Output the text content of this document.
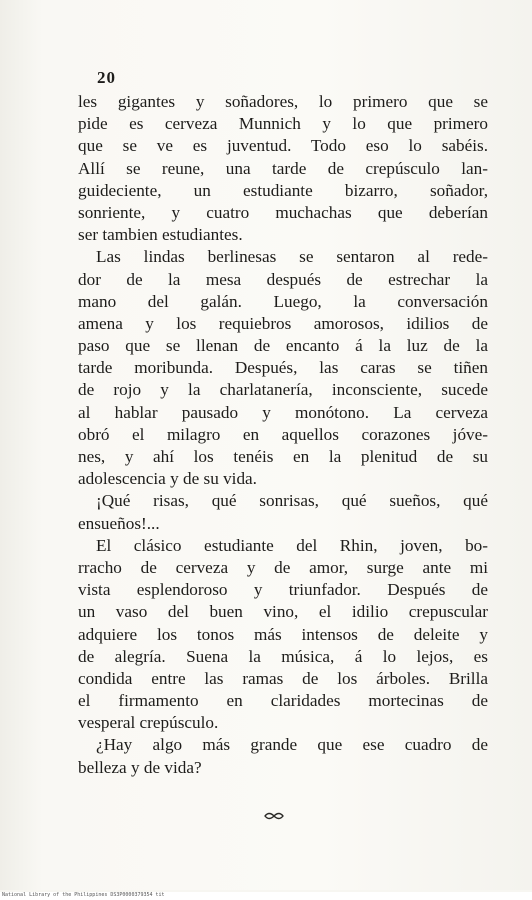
20
les gigantes y soñadores, lo primero que se
pide es cerveza Munnich y lo que primero
que se ve es juventud. Todo eso lo sabéis.
Allí se reune, una tarde de crepúsculo lan-
guideciente, un estudiante bizarro, soñador,
sonriente, y cuatro muchachas que deberían
ser tambien estudiantes.
Las lindas berlinesas se sentaron al rede-
dor de la mesa después de estrechar la
mano del galán. Luego, la conversación
amena y los requiebros amorosos, idilios de
paso que se llenan de encanto á la luz de la
tarde moribunda. Después, las caras se tiñen
de rojo y la charlatanería, inconsciente, sucede
al hablar pausado y monótono. La cerveza
obró el milagro en aquellos corazones jóve-
nes, y ahí los tenéis en la plenitud de su
adolescencia y de su vida.
¡Qué risas, qué sonrisas, qué sueños, qué
ensueños!...
El clásico estudiante del Rhin, joven, bo-
rracho de cerveza y de amor, surge ante mi
vista esplendoroso y triunfador. Después de
un vaso del buen vino, el idilio crepuscular
adquiere los tonos más intensos de deleite y
de alegría. Suena la música, á lo lejos, es
condida entre las ramas de los árboles. Brilla
el firmamento en claridades mortecinas de
vesperal crepúsculo.
¿Hay algo más grande que ese cuadro de
belleza y de vida?
National Library of the Philippines DS3P0000379354 tit
